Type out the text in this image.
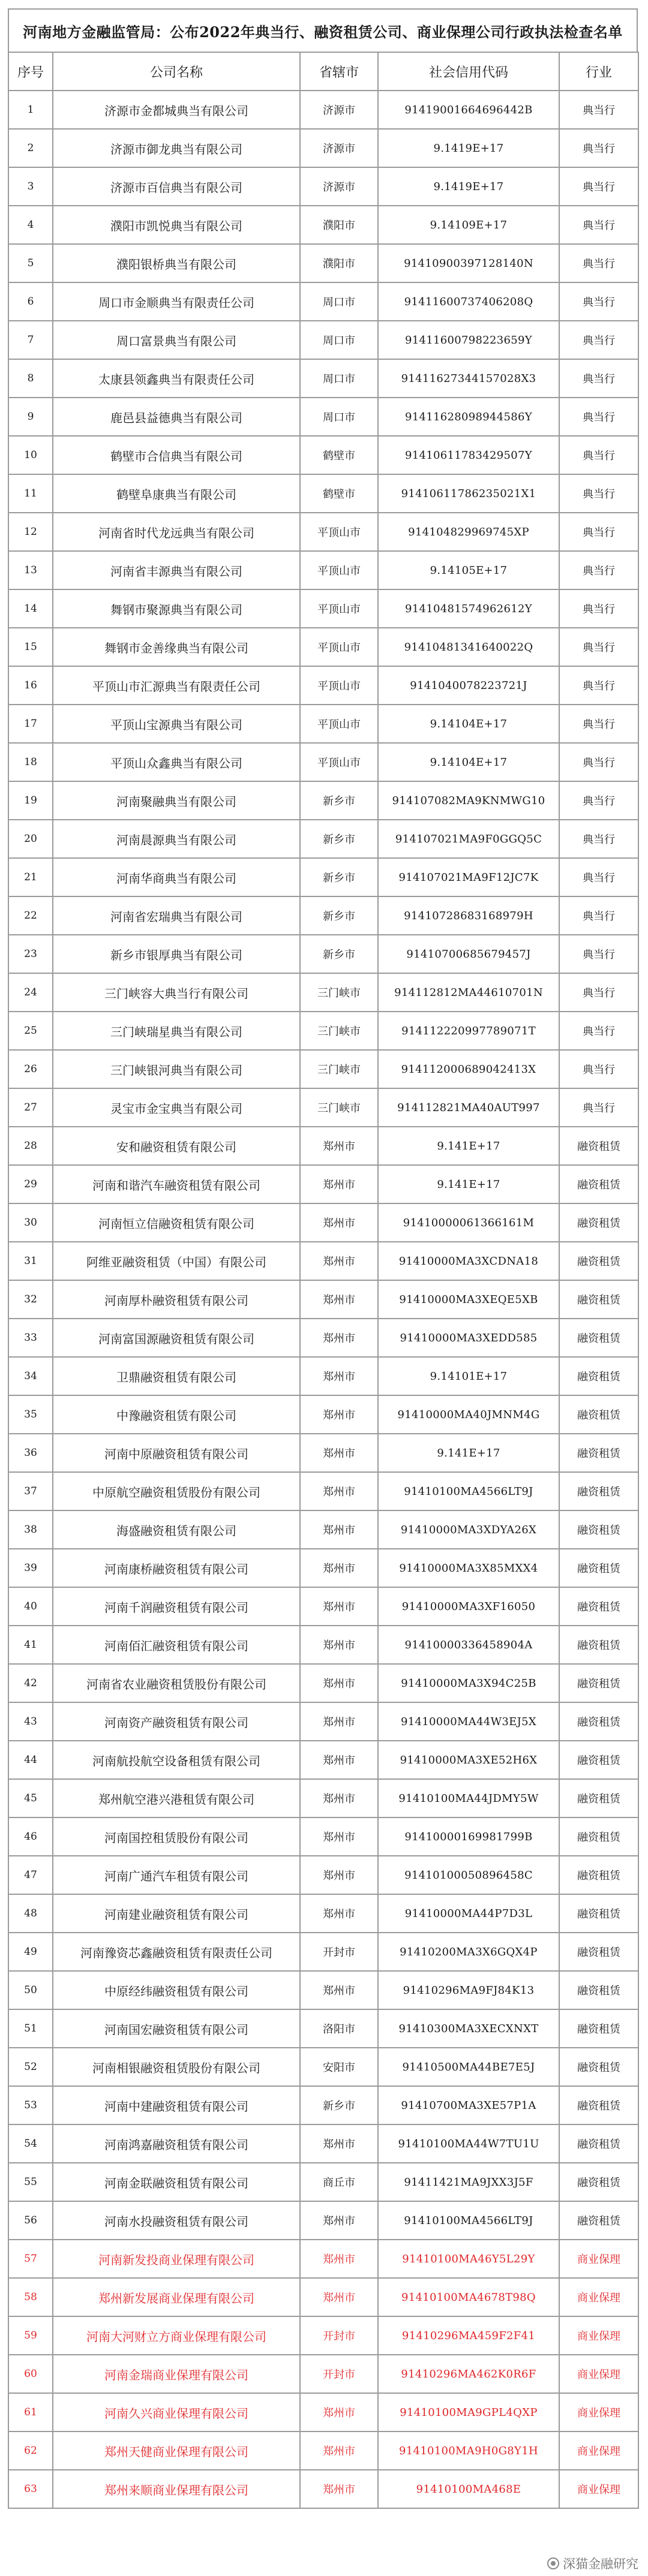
河南地方金融监管局：公布2022年典当行、融资租赁公司、商业保理公司行政执法检查名单
序号	公司名称	省辖市	社会信用代码	行业
1	济源市金都城典当有限公司	济源市	91419001664696442B	典当行
2	济源市御龙典当有限公司	济源市	9.1419E+17	典当行
3	济源市百信典当有限公司	济源市	9.1419E+17	典当行
4	濮阳市凯悦典当有限公司	濮阳市	9.14109E+17	典当行
5	濮阳银桥典当有限公司	濮阳市	91410900397128140N	典当行
6	周口市金顺典当有限责任公司	周口市	91411600737406208Q	典当行
7	周口富景典当有限公司	周口市	91411600798223659Y	典当行
8	太康县领鑫典当有限责任公司	周口市	91411627344157028X3	典当行
9	鹿邑县益德典当有限公司	周口市	91411628098944586Y	典当行
10	鹤壁市合信典当有限公司	鹤壁市	91410611783429507Y	典当行
11	鹤壁阜康典当有限公司	鹤壁市	91410611786235021X1	典当行
12	河南省时代龙远典当有限公司	平顶山市	914104829969745XP	典当行
13	河南省丰源典当有限公司	平顶山市	9.14105E+17	典当行
14	舞钢市聚源典当有限公司	平顶山市	91410481574962612Y	典当行
15	舞钢市金善缘典当有限公司	平顶山市	91410481341640022Q	典当行
16	平顶山市汇源典当有限责任公司	平顶山市	9141040078223721J	典当行
17	平顶山宝源典当有限公司	平顶山市	9.14104E+17	典当行
18	平顶山众鑫典当有限公司	平顶山市	9.14104E+17	典当行
19	河南聚融典当有限公司	新乡市	914107082MA9KNMWG10	典当行
20	河南晨源典当有限公司	新乡市	914107021MA9F0GGQ5C	典当行
21	河南华商典当有限公司	新乡市	914107021MA9F12JC7K	典当行
22	河南省宏瑞典当有限公司	新乡市	91410728683168979H	典当行
23	新乡市银厚典当有限公司	新乡市	91410700685679457J	典当行
24	三门峡容大典当行有限公司	三门峡市	914112812MA44610701N	典当行
25	三门峡瑞星典当有限公司	三门峡市	914112220997789071T	典当行
26	三门峡银河典当有限公司	三门峡市	914112000689042413X	典当行
27	灵宝市金宝典当有限公司	三门峡市	914112821MA40AUT997	典当行
28	安和融资租赁有限公司	郑州市	9.141E+17	融资租赁
29	河南和谐汽车融资租赁有限公司	郑州市	9.141E+17	融资租赁
30	河南恒立信融资租赁有限公司	郑州市	91410000061366161M	融资租赁
31	阿维亚融资租赁（中国）有限公司	郑州市	91410000MA3XCDNA18	融资租赁
32	河南厚朴融资租赁有限公司	郑州市	91410000MA3XEQE5XB	融资租赁
33	河南富国源融资租赁有限公司	郑州市	91410000MA3XEDD585	融资租赁
34	卫鼎融资租赁有限公司	郑州市	9.14101E+17	融资租赁
35	中豫融资租赁有限公司	郑州市	91410000MA40JMNM4G	融资租赁
36	河南中原融资租赁有限公司	郑州市	9.141E+17	融资租赁
37	中原航空融资租赁股份有限公司	郑州市	91410100MA4566LT9J	融资租赁
38	海盛融资租赁有限公司	郑州市	91410000MA3XDYA26X	融资租赁
39	河南康桥融资租赁有限公司	郑州市	91410000MA3X85MXX4	融资租赁
40	河南千润融资租赁有限公司	郑州市	91410000MA3XF16050	融资租赁
41	河南佰汇融资租赁有限公司	郑州市	91410000336458904A	融资租赁
42	河南省农业融资租赁股份有限公司	郑州市	91410000MA3X94C25B	融资租赁
43	河南资产融资租赁有限公司	郑州市	91410000MA44W3EJ5X	融资租赁
44	河南航投航空设备租赁有限公司	郑州市	91410000MA3XE52H6X	融资租赁
45	郑州航空港兴港租赁有限公司	郑州市	91410100MA44JDMY5W	融资租赁
46	河南国控租赁股份有限公司	郑州市	91410000169981799B	融资租赁
47	河南广通汽车租赁有限公司	郑州市	91410100050896458C	融资租赁
48	河南建业融资租赁有限公司	郑州市	91410000MA44P7D3L	融资租赁
49	河南豫资芯鑫融资租赁有限责任公司	开封市	91410200MA3X6GQX4P	融资租赁
50	中原经纬融资租赁有限公司	郑州市	91410296MA9FJ84K13	融资租赁
51	河南国宏融资租赁有限公司	洛阳市	91410300MA3XECXNXT	融资租赁
52	河南相银融资租赁股份有限公司	安阳市	91410500MA44BE7E5J	融资租赁
53	河南中建融资租赁有限公司	新乡市	91410700MA3XE57P1A	融资租赁
54	河南鸿嘉融资租赁有限公司	郑州市	91410100MA44W7TU1U	融资租赁
55	河南金联融资租赁有限公司	商丘市	91411421MA9JXX3J5F	融资租赁
56	河南水投融资租赁有限公司	郑州市	91410100MA4566LT9J	融资租赁
57	河南新发投商业保理有限公司	郑州市	91410100MA46Y5L29Y	商业保理
58	郑州新发展商业保理有限公司	郑州市	91410100MA4678T98Q	商业保理
59	河南大河财立方商业保理有限公司	开封市	91410296MA459F2F41	商业保理
60	河南金瑞商业保理有限公司	开封市	91410296MA462K0R6F	商业保理
61	河南久兴商业保理有限公司	郑州市	91410100MA9GPL4QXP	商业保理
62	郑州天健商业保理有限公司	郑州市	91410100MA9H0G8Y1H	商业保理
63	郑州来顺商业保理有限公司	郑州市	91410100MA468E	商业保理
深猫金融研究
